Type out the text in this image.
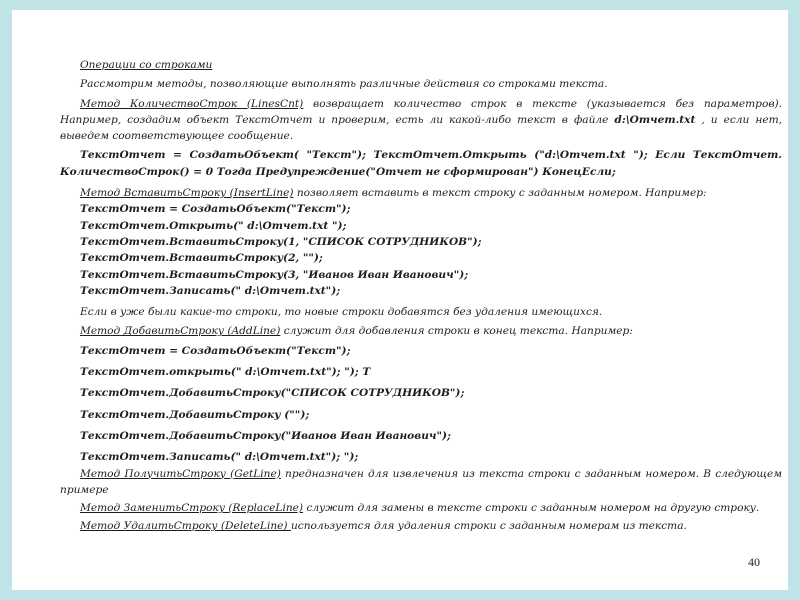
Операции со строками

Рассмотрим методы, позволяющие выполнять различные действия со строками текста.

Метод КоличествоСтрок (LinesCnt) возвращает количество строк в тексте (указывается без параметров). Например, создадим объект ТекстОтчет и проверим, есть ли какой-либо текст в файле d:\Отчет.txt , и если нет, выведем соответствующее сообщение.

ТекстОтчет = СоздатьОбъект( "Текст"); ТекстОтчет.Открыть ("d:\Отчет.txt "); Если ТекстОтчет. КоличествоСтрок() = 0 Тогда Предупреждение("Отчет не сформирован") КонецЕсли;

Метод ВставитьСтроку (InsertLine) позволяет вставить в текст строку с заданным номером. Например:

ТекстОтчет = СоздатьОбъект("Текст");

ТекстОтчет.Открыть(" d:\Отчет.txt ");

ТекстОтчет.ВставитьСтроку(1, "СПИСОК СОТРУДНИКОВ");

ТекстОтчет.ВставитьСтроку(2, "");

ТекстОтчет.ВставитьСтроку(3, "Иванов Иван Иванович");

ТекстОтчет.Записать(" d:\Отчет.txt");

Если в уже были какие-то строки, то новые строки добавятся без удаления имеющихся.

Метод ДобавитьСтроку (AddLine) служит для добавления строки в конец текста. Например:

ТекстОтчет = СоздатьОбъект("Текст");

ТекстОтчет.открыть(" d:\Отчет.txt"); "); Т

ТекстОтчет.ДобавитьСтроку("СПИСОК СОТРУДНИКОВ");

ТекстОтчет.ДобавитьСтроку ("");

ТекстОтчет.ДобавитьСтроку("Иванов Иван Иванович");

ТекстОтчет.Записать(" d:\Отчет.txt"); ");

Метод ПолучитьСтроку (GetLine) предназначен для извлечения из текста строки с заданным номером. В следующем примере

Метод ЗаменитьСтроку (ReplaceLine) служит для замены в тексте строки с заданным номером на другую строку.

Метод УдалитьСтроку (DeleteLine) используется для удаления строки с заданным номерам из текста.

40
